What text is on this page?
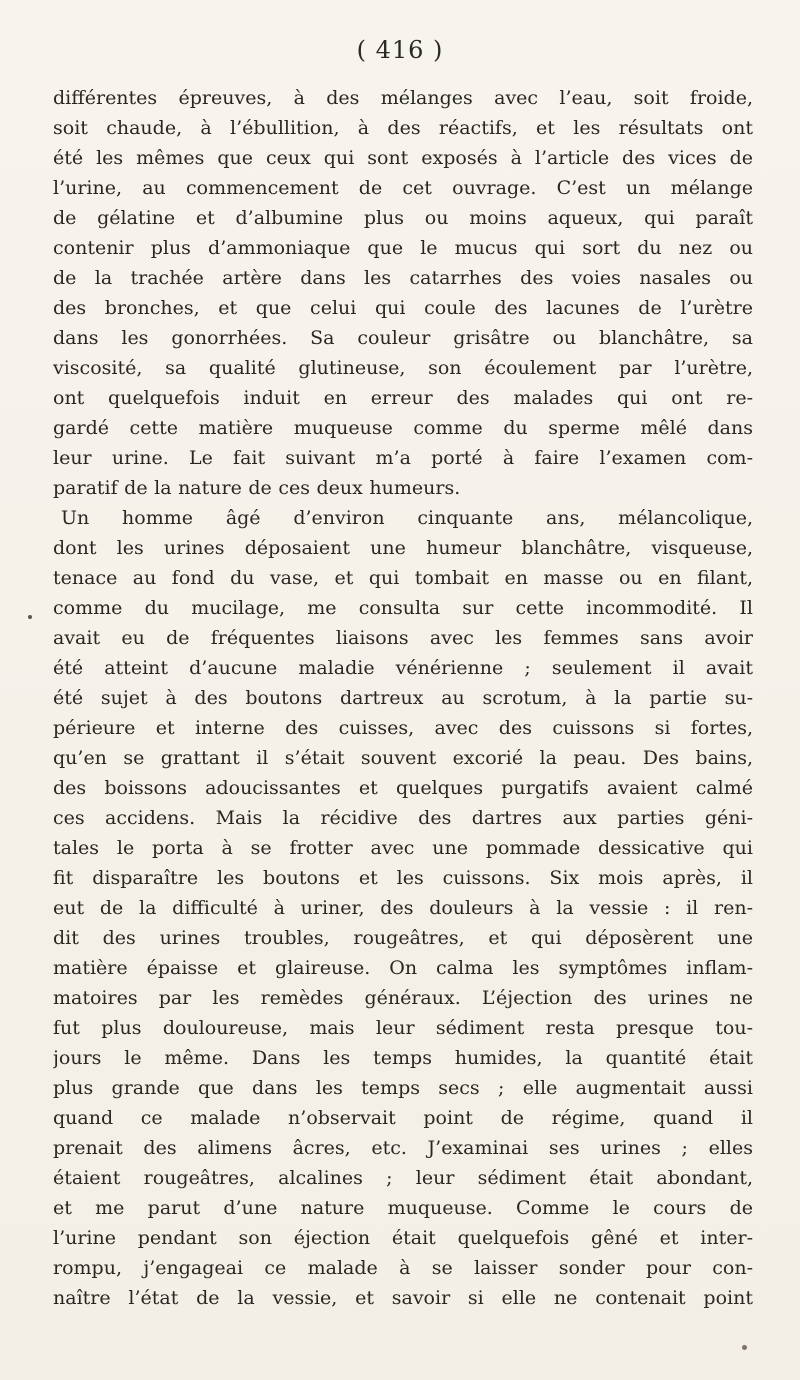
( 416 )
différentes épreuves, à des mélanges avec l’eau, soit froide,
soit chaude, à l’ébullition, à des réactifs, et les résultats ont
été les mêmes que ceux qui sont exposés à l’article des vices de
l’urine, au commencement de cet ouvrage. C’est un mélange
de gélatine et d’albumine plus ou moins aqueux, qui paraît
contenir plus d’ammoniaque que le mucus qui sort du nez ou
de la trachée artère dans les catarrhes des voies nasales ou
des bronches, et que celui qui coule des lacunes de l’urètre
dans les gonorrhées. Sa couleur grisâtre ou blanchâtre, sa
viscosité, sa qualité glutineuse, son écoulement par l’urètre,
ont quelquefois induit en erreur des malades qui ont re-
gardé cette matière muqueuse comme du sperme mêlé dans
leur urine. Le fait suivant m’a porté à faire l’examen com-
paratif de la nature de ces deux humeurs.
Un homme âgé d’environ cinquante ans, mélancolique,
dont les urines déposaient une humeur blanchâtre, visqueuse,
tenace au fond du vase, et qui tombait en masse ou en filant,
comme du mucilage, me consulta sur cette incommodité. Il
avait eu de fréquentes liaisons avec les femmes sans avoir
été atteint d’aucune maladie vénérienne ; seulement il avait
été sujet à des boutons dartreux au scrotum, à la partie su-
périeure et interne des cuisses, avec des cuissons si fortes,
qu’en se grattant il s’était souvent excorié la peau. Des bains,
des boissons adoucissantes et quelques purgatifs avaient calmé
ces accidens. Mais la récidive des dartres aux parties géni-
tales le porta à se frotter avec une pommade dessicative qui
fit disparaître les boutons et les cuissons. Six mois après, il
eut de la difficulté à uriner, des douleurs à la vessie : il ren-
dit des urines troubles, rougeâtres, et qui déposèrent une
matière épaisse et glaireuse. On calma les symptômes inflam-
matoires par les remèdes généraux. L’éjection des urines ne
fut plus douloureuse, mais leur sédiment resta presque tou-
jours le même. Dans les temps humides, la quantité était
plus grande que dans les temps secs ; elle augmentait aussi
quand ce malade n’observait point de régime, quand il
prenait des alimens âcres, etc. J’examinai ses urines ; elles
étaient rougeâtres, alcalines ; leur sédiment était abondant,
et me parut d’une nature muqueuse. Comme le cours de
l’urine pendant son éjection était quelquefois gêné et inter-
rompu, j’engageai ce malade à se laisser sonder pour con-
naître l’état de la vessie, et savoir si elle ne contenait point
